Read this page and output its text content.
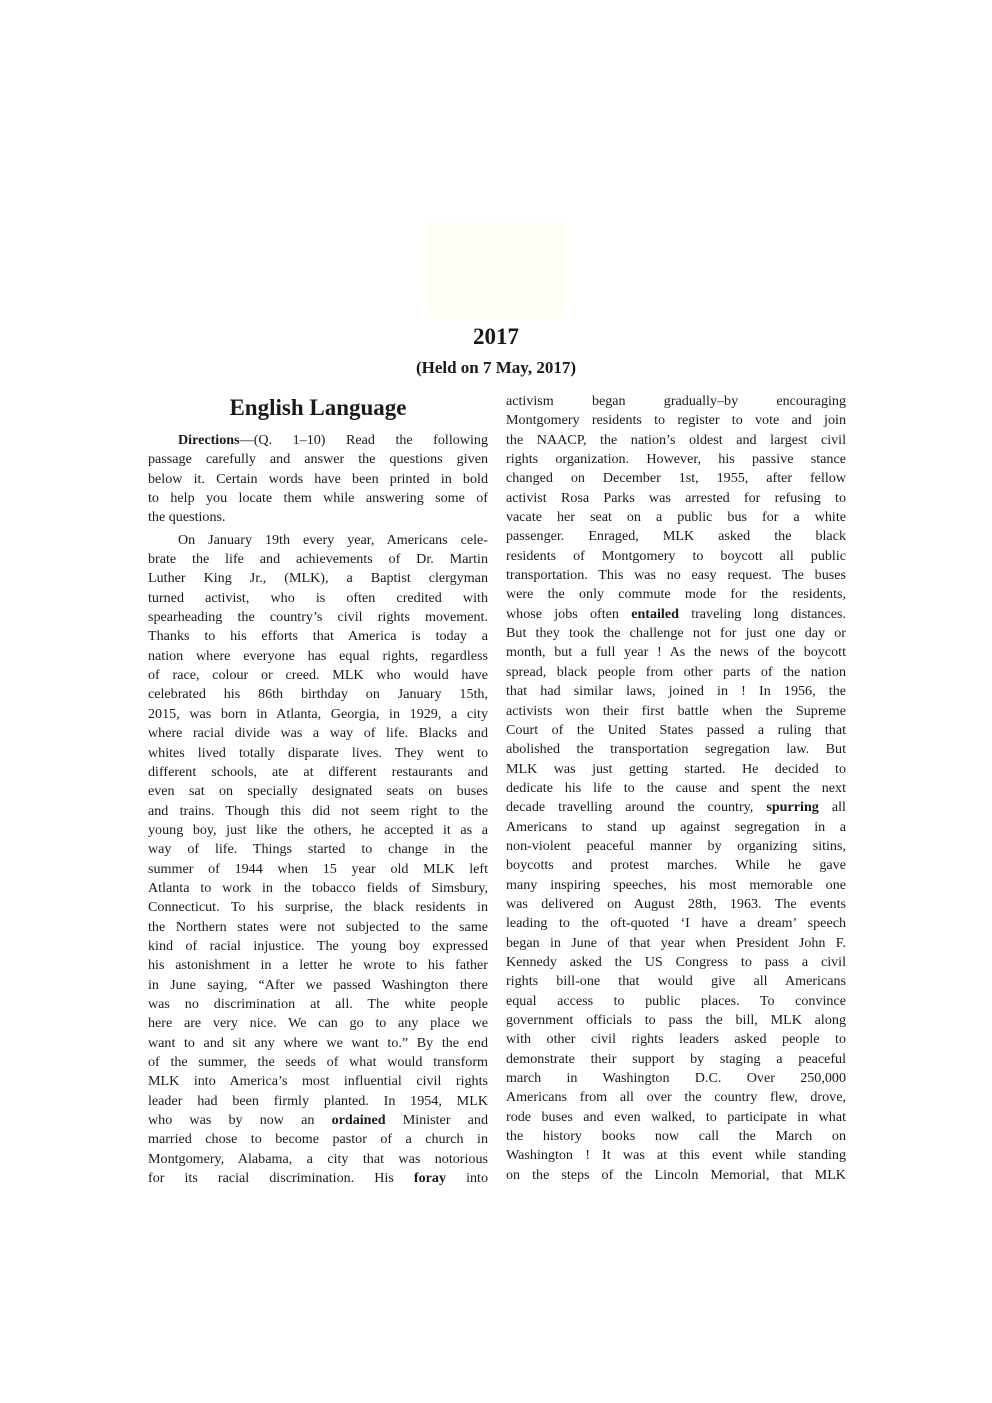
2017
(Held on 7 May, 2017)
English Language
Directions—(Q. 1–10) Read the following
passage carefully and answer the questions given
below it. Certain words have been printed in bold
to help you locate them while answering some of
the questions.
On January 19th every year, Americans cele-
brate the life and achievements of Dr. Martin
Luther King Jr., (MLK), a Baptist clergyman
turned activist, who is often credited with
spearheading the country’s civil rights movement.
Thanks to his efforts that America is today a
nation where everyone has equal rights, regardless
of race, colour or creed. MLK who would have
celebrated his 86th birthday on January 15th,
2015, was born in Atlanta, Georgia, in 1929, a city
where racial divide was a way of life. Blacks and
whites lived totally disparate lives. They went to
different schools, ate at different restaurants and
even sat on specially designated seats on buses
and trains. Though this did not seem right to the
young boy, just like the others, he accepted it as a
way of life. Things started to change in the
summer of 1944 when 15 year old MLK left
Atlanta to work in the tobacco fields of Simsbury,
Connecticut. To his surprise, the black residents in
the Northern states were not subjected to the same
kind of racial injustice. The young boy expressed
his astonishment in a letter he wrote to his father
in June saying, “After we passed Washington there
was no discrimination at all. The white people
here are very nice. We can go to any place we
want to and sit any where we want to.” By the end
of the summer, the seeds of what would transform
MLK into America’s most influential civil rights
leader had been firmly planted. In 1954, MLK
who was by now an ordained Minister and
married chose to become pastor of a church in
Montgomery, Alabama, a city that was notorious
for its racial discrimination. His foray into
activism began gradually–by encouraging
Montgomery residents to register to vote and join
the NAACP, the nation’s oldest and largest civil
rights organization. However, his passive stance
changed on December 1st, 1955, after fellow
activist Rosa Parks was arrested for refusing to
vacate her seat on a public bus for a white
passenger. Enraged, MLK asked the black
residents of Montgomery to boycott all public
transportation. This was no easy request. The buses
were the only commute mode for the residents,
whose jobs often entailed traveling long distances.
But they took the challenge not for just one day or
month, but a full year ! As the news of the boycott
spread, black people from other parts of the nation
that had similar laws, joined in ! In 1956, the
activists won their first battle when the Supreme
Court of the United States passed a ruling that
abolished the transportation segregation law. But
MLK was just getting started. He decided to
dedicate his life to the cause and spent the next
decade travelling around the country, spurring all
Americans to stand up against segregation in a
non-violent peaceful manner by organizing sitins,
boycotts and protest marches. While he gave
many inspiring speeches, his most memorable one
was delivered on August 28th, 1963. The events
leading to the oft-quoted ‘I have a dream’ speech
began in June of that year when President John F.
Kennedy asked the US Congress to pass a civil
rights bill-one that would give all Americans
equal access to public places. To convince
government officials to pass the bill, MLK along
with other civil rights leaders asked people to
demonstrate their support by staging a peaceful
march in Washington D.C. Over 250,000
Americans from all over the country flew, drove,
rode buses and even walked, to participate in what
the history books now call the March on
Washington ! It was at this event while standing
on the steps of the Lincoln Memorial, that MLK
